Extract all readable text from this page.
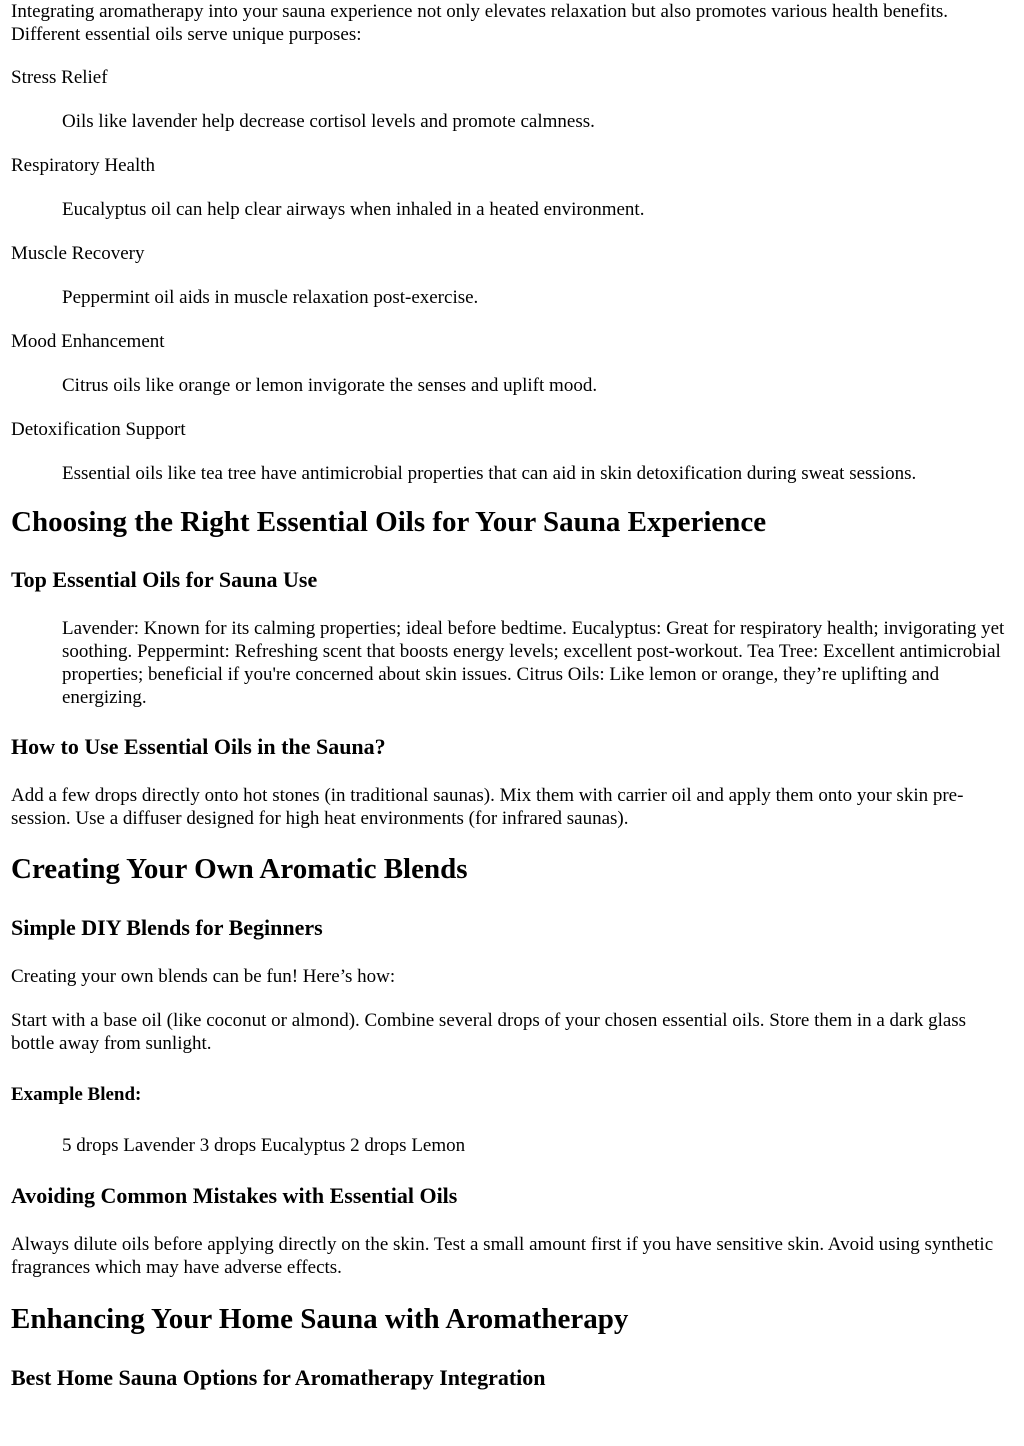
Integrating aromatherapy into your sauna experience not only elevates relaxation but also promotes various health benefits. Different essential oils serve unique purposes:

Stress Relief

Oils like lavender help decrease cortisol levels and promote calmness.

Respiratory Health

Eucalyptus oil can help clear airways when inhaled in a heated environment.

Muscle Recovery

Peppermint oil aids in muscle relaxation post-exercise.

Mood Enhancement

Citrus oils like orange or lemon invigorate the senses and uplift mood.

Detoxification Support

Essential oils like tea tree have antimicrobial properties that can aid in skin detoxification during sweat sessions.

Choosing the Right Essential Oils for Your Sauna Experience
Top Essential Oils for Sauna Use

Lavender: Known for its calming properties; ideal before bedtime. Eucalyptus: Great for respiratory health; invigorating yet soothing. Peppermint: Refreshing scent that boosts energy levels; excellent post-workout. Tea Tree: Excellent antimicrobial properties; beneficial if you're concerned about skin issues. Citrus Oils: Like lemon or orange, they’re uplifting and energizing.

How to Use Essential Oils in the Sauna?

Add a few drops directly onto hot stones (in traditional saunas). Mix them with carrier oil and apply them onto your skin pre-session. Use a diffuser designed for high heat environments (for infrared saunas).

Creating Your Own Aromatic Blends
Simple DIY Blends for Beginners

Creating your own blends can be fun! Here’s how:

Start with a base oil (like coconut or almond). Combine several drops of your chosen essential oils. Store them in a dark glass bottle away from sunlight.

Example Blend:

5 drops Lavender 3 drops Eucalyptus 2 drops Lemon

Avoiding Common Mistakes with Essential Oils

Always dilute oils before applying directly on the skin. Test a small amount first if you have sensitive skin. Avoid using synthetic fragrances which may have adverse effects.

Enhancing Your Home Sauna with Aromatherapy
Best Home Sauna Options for Aromatherapy Integration
